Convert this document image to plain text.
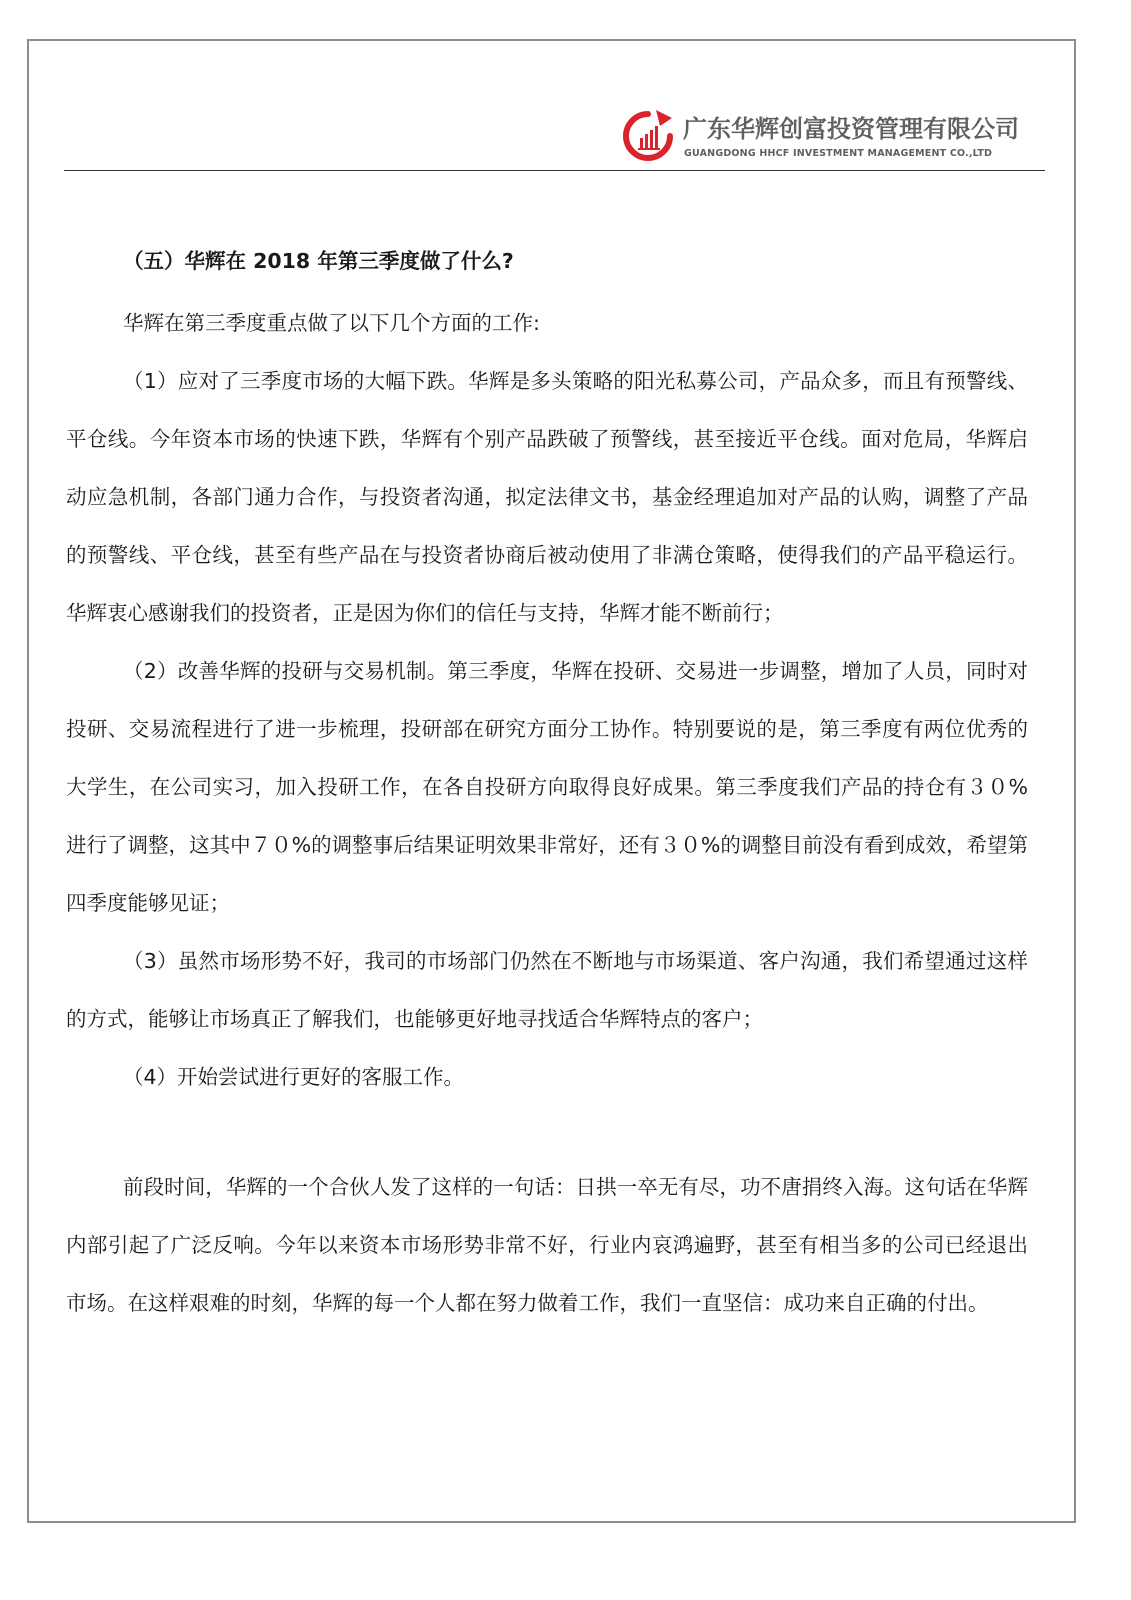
广东华辉创富投资管理有限公司
GUANGDONG HHCF INVESTMENT MANAGEMENT CO.,LTD
（五）华辉在 2018 年第三季度做了什么?

华辉在第三季度重点做了以下几个方面的工作:

（1）应对了三季度市场的大幅下跌。华辉是多头策略的阳光私募公司，产品众多，而且有预警线、平仓线。今年资本市场的快速下跌，华辉有个别产品跌破了预警线，甚至接近平仓线。面对危局，华辉启动应急机制，各部门通力合作，与投资者沟通，拟定法律文书，基金经理追加对产品的认购，调整了产品的预警线、平仓线，甚至有些产品在与投资者协商后被动使用了非满仓策略，使得我们的产品平稳运行。华辉衷心感谢我们的投资者，正是因为你们的信任与支持，华辉才能不断前行；

（2）改善华辉的投研与交易机制。第三季度，华辉在投研、交易进一步调整，增加了人员，同时对投研、交易流程进行了进一步梳理，投研部在研究方面分工协作。特别要说的是，第三季度有两位优秀的大学生，在公司实习，加入投研工作，在各自投研方向取得良好成果。第三季度我们产品的持仓有３０%进行了调整，这其中７０%的调整事后结果证明效果非常好，还有３０%的调整目前没有看到成效，希望第四季度能够见证；

（3）虽然市场形势不好，我司的市场部门仍然在不断地与市场渠道、客户沟通，我们希望通过这样的方式，能够让市场真正了解我们，也能够更好地寻找适合华辉特点的客户；

（4）开始尝试进行更好的客服工作。

前段时间，华辉的一个合伙人发了这样的一句话：日拱一卒无有尽，功不唐捐终入海。这句话在华辉内部引起了广泛反响。今年以来资本市场形势非常不好，行业内哀鸿遍野，甚至有相当多的公司已经退出市场。在这样艰难的时刻，华辉的每一个人都在努力做着工作，我们一直坚信：成功来自正确的付出。
